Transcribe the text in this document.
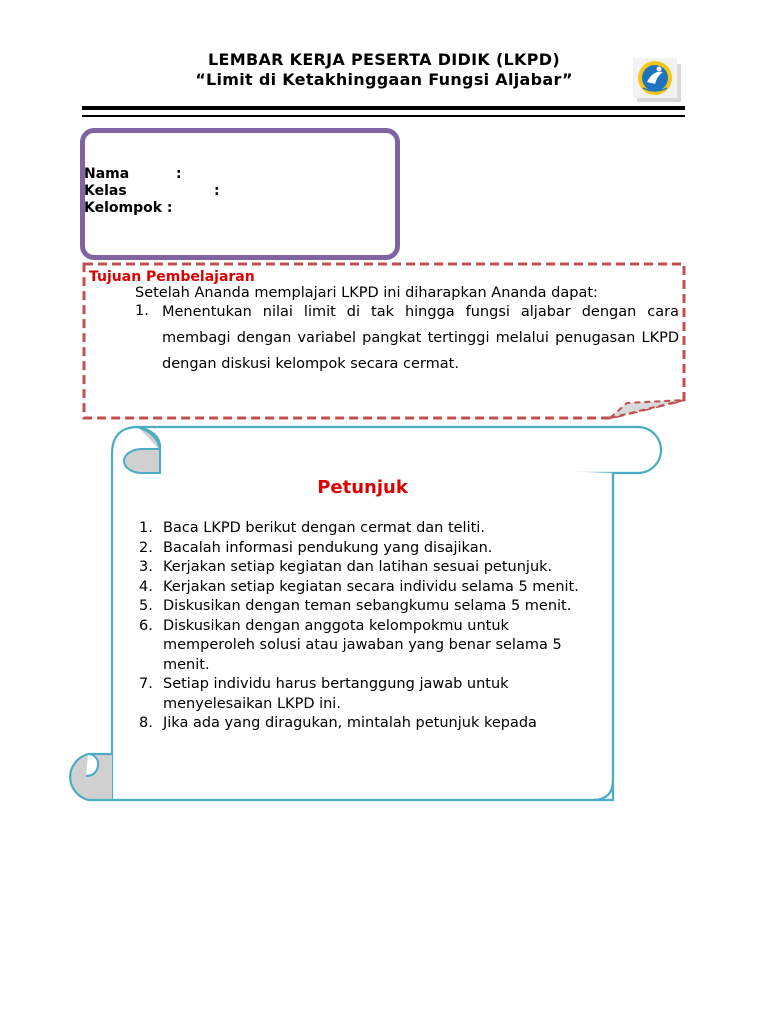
LEMBAR KERJA PESERTA DIDIK (LKPD)
“Limit di Ketakhinggaan Fungsi Aljabar”
Nama	:
Kelas	:
Kelompok :
Tujuan Pembelajaran
Setelah Ananda memplajari LKPD ini diharapkan Ananda dapat:
1. Menentukan nilai limit di tak hingga fungsi aljabar dengan cara membagi dengan variabel pangkat tertinggi melalui penugasan LKPD dengan diskusi kelompok secara cermat.
Petunjuk
1. Baca LKPD berikut dengan cermat dan teliti.
2. Bacalah informasi pendukung yang disajikan.
3. Kerjakan setiap kegiatan dan latihan sesuai petunjuk.
4. Kerjakan setiap kegiatan secara individu selama 5 menit.
5. Diskusikan dengan teman sebangkumu selama 5 menit.
6. Diskusikan dengan anggota kelompokmu untuk memperoleh solusi atau jawaban yang benar selama 5 menit.
7. Setiap individu harus bertanggung jawab untuk menyelesaikan LKPD ini.
8. Jika ada yang diragukan, mintalah petunjuk kepada
